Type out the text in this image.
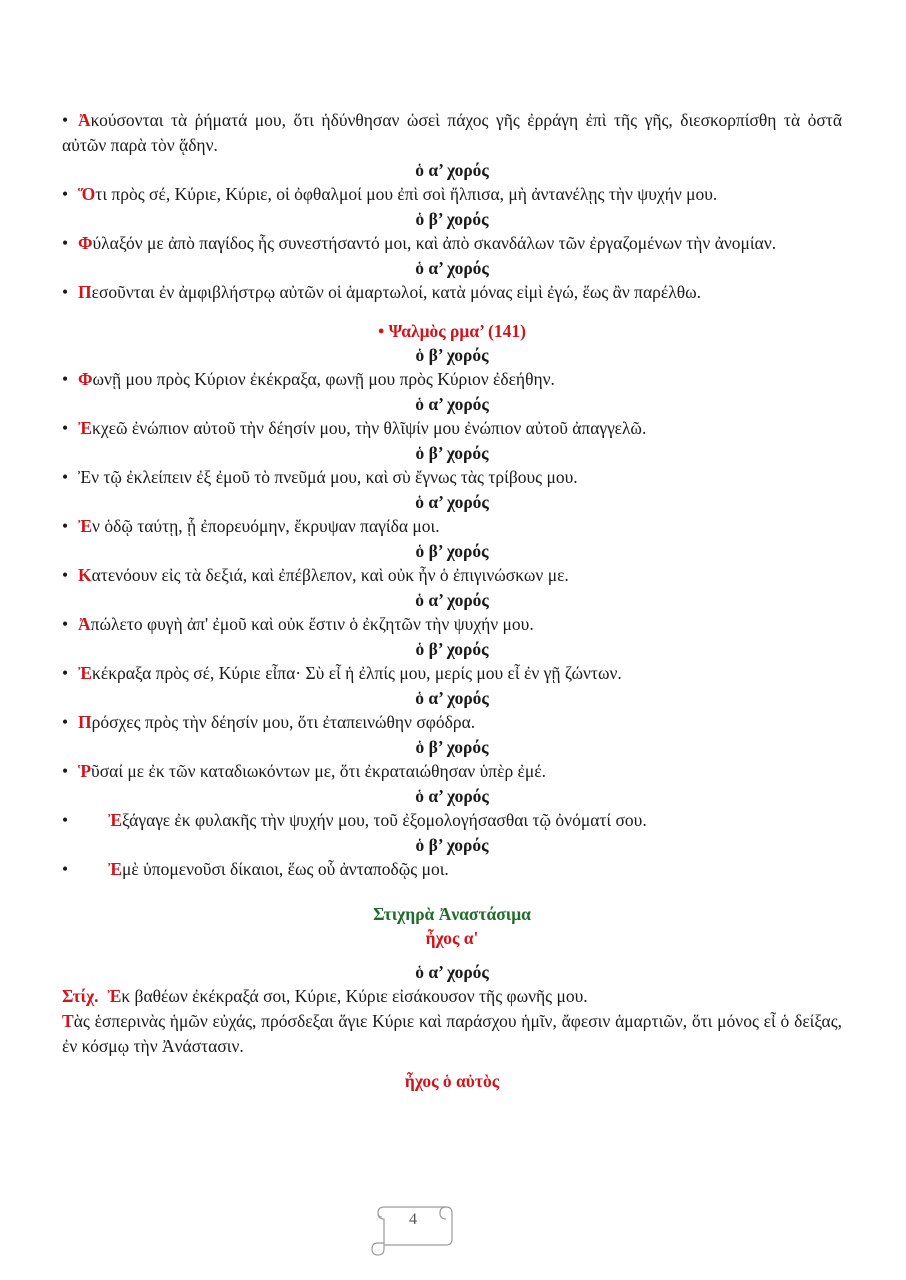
• Ἀκούσονται τὰ ῥήματά μου, ὅτι ἡδύνθησαν ὡσεὶ πάχος γῆς ἐρράγη ἐπὶ τῆς γῆς, διεσκορπίσθη τὰ ὀστᾶ αὐτῶν παρὰ τὸν ᾅδην.

ὁ α’ χορός

• Ὅτι πρὸς σέ, Κύριε, Κύριε, οἱ ὀφθαλμοί μου ἐπὶ σοὶ ἤλπισα, μὴ ἀντανέλῃς τὴν ψυχήν μου.

ὁ β’ χορός

• Φύλαξόν με ἀπὸ παγίδος ἧς συνεστήσαντό μοι, καὶ ἀπὸ σκανδάλων τῶν ἐργαζομένων τὴν ἀνομίαν.

ὁ α’ χορός

• Πεσοῦνται ἐν ἀμφιβλήστρῳ αὐτῶν οἱ ἁμαρτωλοί, κατὰ μόνας εἰμὶ ἐγώ, ἕως ἂν παρέλθω.

• Ψαλμὸς ρμα’ (141)

ὁ β’ χορός

• Φωνῇ μου πρὸς Κύριον ἐκέκραξα, φωνῇ μου πρὸς Κύριον ἐδεήθην.

ὁ α’ χορός

• Ἐκχεῶ ἐνώπιον αὐτοῦ τὴν δέησίν μου, τὴν θλῖψίν μου ἐνώπιον αὐτοῦ ἀπαγγελῶ.

ὁ β’ χορός

• Ἐν τῷ ἐκλείπειν ἐξ ἐμοῦ τὸ πνεῦμά μου, καὶ σὺ ἔγνως τὰς τρίβους μου.

ὁ α’ χορός

• Ἐν ὁδῷ ταύτῃ, ᾗ ἐπορευόμην, ἔκρυψαν παγίδα μοι.

ὁ β’ χορός

• Κατενόουν εἰς τὰ δεξιά, καὶ ἐπέβλεπον, καὶ οὐκ ἦν ὁ ἐπιγινώσκων με.

ὁ α’ χορός

• Ἀπώλετο φυγὴ ἀπ' ἐμοῦ καὶ οὐκ ἔστιν ὁ ἐκζητῶν τὴν ψυχήν μου.

ὁ β’ χορός

• Ἐκέκραξα πρὸς σέ, Κύριε εἶπα· Σὺ εἶ ἡ ἐλπίς μου, μερίς μου εἶ ἐν γῇ ζώντων.

ὁ α’ χορός

• Πρόσχες πρὸς τὴν δέησίν μου, ὅτι ἐταπεινώθην σφόδρα.

ὁ β’ χορός

• Ῥῦσαί με ἐκ τῶν καταδιωκόντων με, ὅτι ἐκραταιώθησαν ὑπὲρ ἐμέ.

ὁ α’ χορός

• Ἐξάγαγε ἐκ φυλακῆς τὴν ψυχήν μου, τοῦ ἐξομολογήσασθαι τῷ ὀνόματί σου.

ὁ β’ χορός

• Ἐμὲ ὑπομενοῦσι δίκαιοι, ἕως οὗ ἀνταποδῷς μοι.

Στιχηρὰ Ἀναστάσιμα

ἦχος α'

ὁ α’ χορός

Στίχ. Ἐκ βαθέων ἐκέκραξά σοι, Κύριε, Κύριε εἰσάκουσον τῆς φωνῆς μου.

Τὰς ἑσπερινὰς ἡμῶν εὐχάς, πρόσδεξαι ἅγιε Κύριε καὶ παράσχου ἡμῖν, ἄφεσιν ἁμαρτιῶν, ὅτι μόνος εἶ ὁ δείξας, ἐν κόσμῳ τὴν Ἀνάστασιν.

ἦχος ὁ αὐτὸς

4
